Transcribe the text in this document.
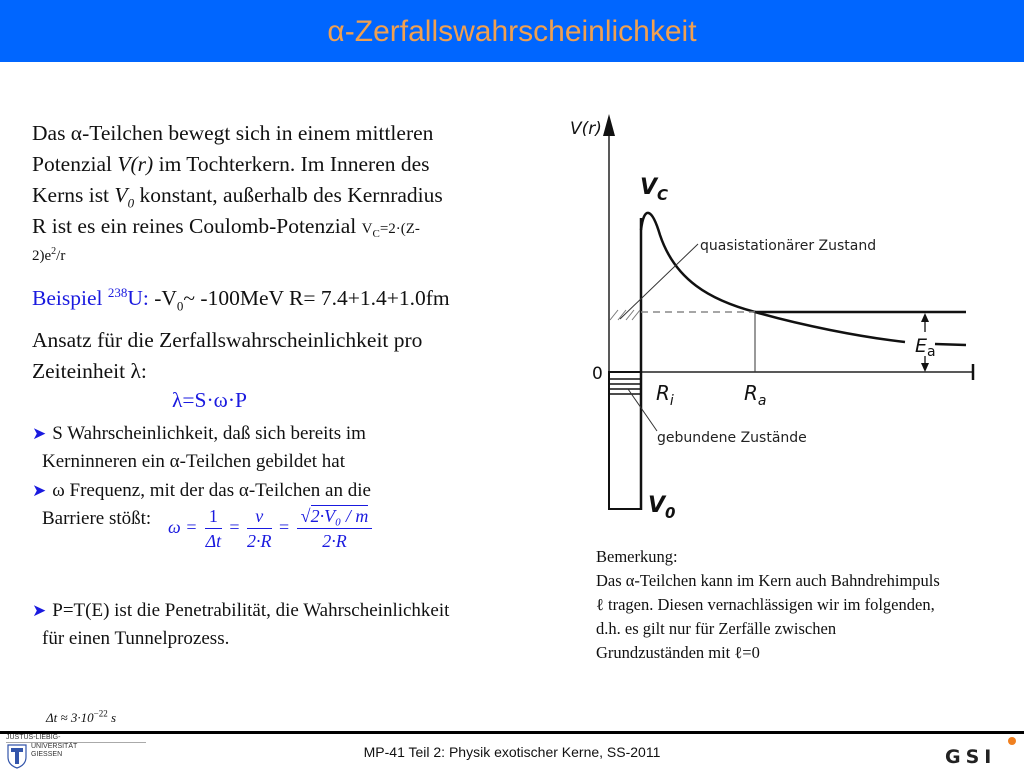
α-Zerfallswahrscheinlichkeit
Das α-Teilchen bewegt sich in einem mittleren
Potenzial V(r) im Tochterkern. Im Inneren des
Kerns ist $V_0$ konstant, außerhalb des Kernradius
R ist es ein reines Coulomb-Potenzial $V_C=2\cdot(Z-$
$2)e^2/r$
Beispiel $^{238}$U: $-V_0\sim$ -100MeV R= 7.4+1.4+1.0fm
Ansatz für die Zerfallswahrscheinlichkeit pro
Zeiteinheit λ:
λ=S·ω·P
➤ S Wahrscheinlichkeit, daß sich bereits im
Kerninneren ein α-Teilchen gebildet hat
➤ ω Frequenz, mit der das α-Teilchen an die
Barriere stößt: $\omega = \frac{1}{\Delta t} = \frac{v}{2\cdot R} = \frac{\text{√2·V₀ / m}}{2\cdot R}$
➤ P=T(E) ist die Penetrabilität, die Wahrscheinlichkeit
für einen Tunnelprozess.
$\Delta t \approx 3\cdot 10^{-22}$ s
V(r)
0
$E_a$
quasistationärer Zustand
gebundene Zustände
$V_C$
$V_0$
$R_i$	$R_a$
Bemerkung:
Das α-Teilchen kann im Kern auch Bahndrehimpuls
ℓ tragen. Diesen vernachlässigen wir im folgenden,
d.h. es gilt nur für Zerfälle zwischen
Grundzuständen mit ℓ=0
JUSTUS-LIEBIG-
UNIVERSITÄT
GIESSEN	MP-41 Teil 2: Physik exotischer Kerne, SS-2011	GSI
